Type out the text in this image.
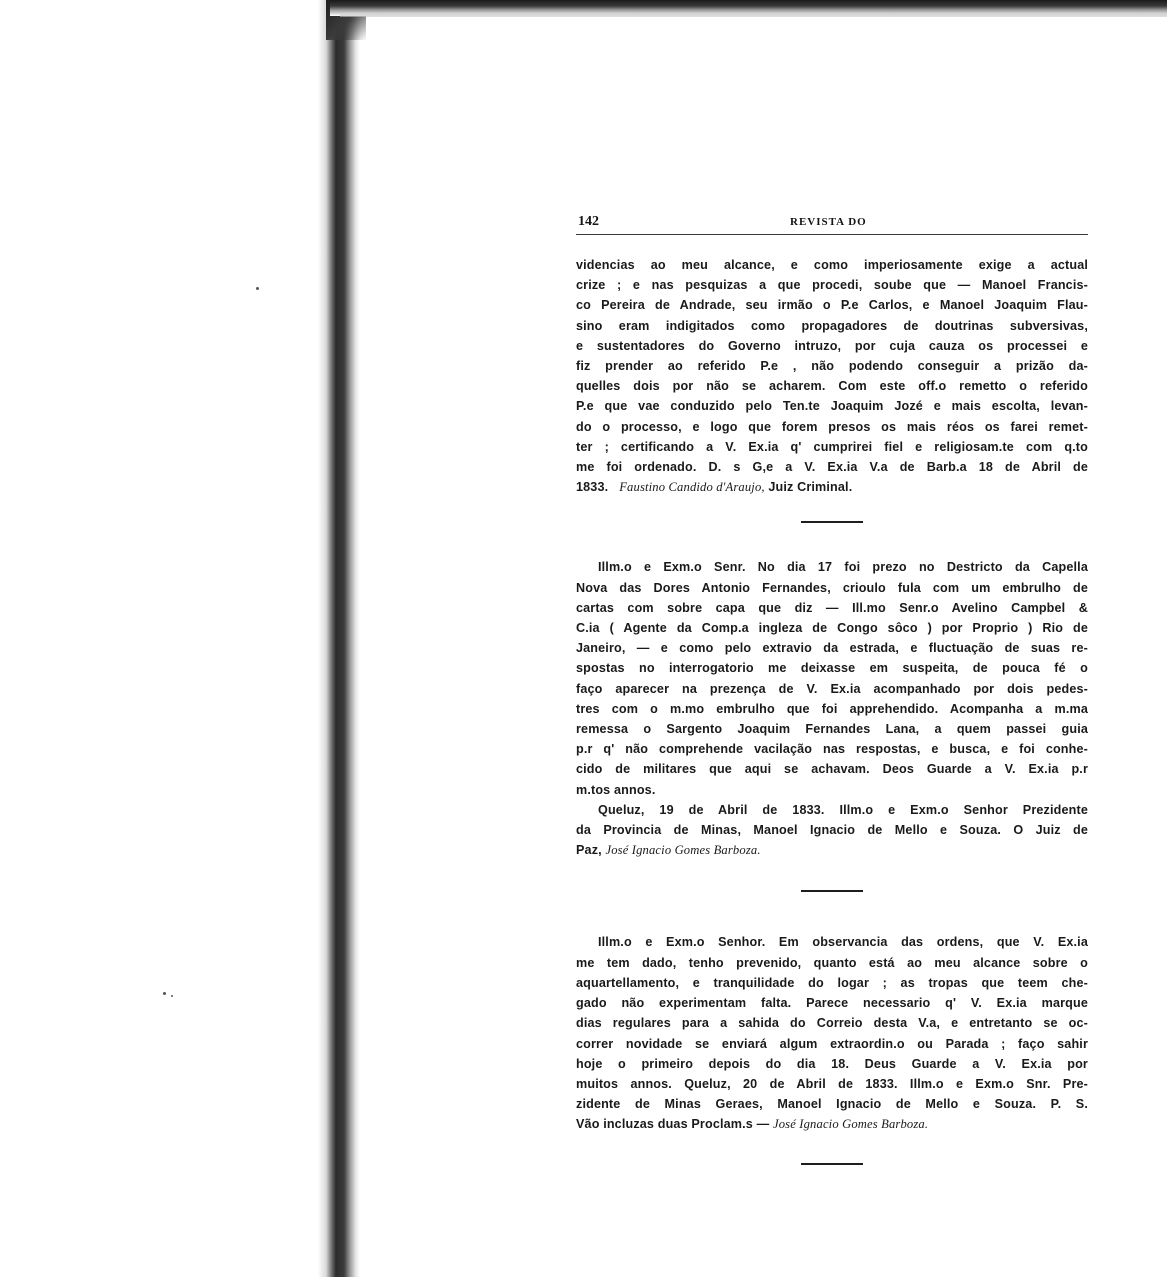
142	REVISTA DO
videncias ao meu alcance, e como imperiosamente exige a actual
crize ; e nas pesquizas a que procedi, soube que — Manoel Francis-
co Pereira de Andrade, seu irmão o P.e Carlos, e Manoel Joaquim Flau-
sino eram indigitados como propagadores de doutrinas subversivas,
e sustentadores do Governo intruzo, por cuja cauza os processei e
fiz prender ao referido P.e , não podendo conseguir a prizão da-
quelles dois por não se acharem. Com este off.o remetto o referido
P.e que vae conduzido pelo Ten.te Joaquim Jozé e mais escolta, levan-
do o processo, e logo que forem presos os mais réos os farei remet-
ter ; certificando a V. Ex.ia q' cumprirei fiel e religiosam.te com q.to
me foi ordenado. D. s G,e a V. Ex.ia V.a de Barb.a 18 de Abril de
1833. Faustino Candido d'Araujo, Juiz Criminal.
Illm.o e Exm.o Senr. No dia 17 foi prezo no Destricto da Capella
Nova das Dores Antonio Fernandes, crioulo fula com um embrulho de
cartas com sobre capa que diz — Ill.mo Senr.o Avelino Campbel &
C.ia ( Agente da Comp.a ingleza de Congo sôco ) por Proprio ) Rio de
Janeiro, — e como pelo extravio da estrada, e fluctuação de suas re-
spostas no interrogatorio me deixasse em suspeita, de pouca fé o
faço aparecer na prezença de V. Ex.ia acompanhado por dois pedes-
tres com o m.mo embrulho que foi apprehendido. Acompanha a m.ma
remessa o Sargento Joaquim Fernandes Lana, a quem passei guia
p.r q' não comprehende vacilação nas respostas, e busca, e foi conhe-
cido de militares que aqui se achavam. Deos Guarde a V. Ex.ia p.r
m.tos annos.
Queluz, 19 de Abril de 1833. Illm.o e Exm.o Senhor Prezidente
da Provincia de Minas, Manoel Ignacio de Mello e Souza. O Juiz de
Paz, José Ignacio Gomes Barboza.
Illm.o e Exm.o Senhor. Em observancia das ordens, que V. Ex.ia
me tem dado, tenho prevenido, quanto está ao meu alcance sobre o
aquartellamento, e tranquilidade do logar ; as tropas que teem che-
gado não experimentam falta. Parece necessario q' V. Ex.ia marque
dias regulares para a sahida do Correio desta V.a, e entretanto se oc-
correr novidade se enviará algum extraordin.o ou Parada ; faço sahir
hoje o primeiro depois do dia 18. Deus Guarde a V. Ex.ia por
muitos annos. Queluz, 20 de Abril de 1833. Illm.o e Exm.o Snr. Pre-
zidente de Minas Geraes, Manoel Ignacio de Mello e Souza. P. S.
Vão incluzas duas Proclam.s — José Ignacio Gomes Barboza.
